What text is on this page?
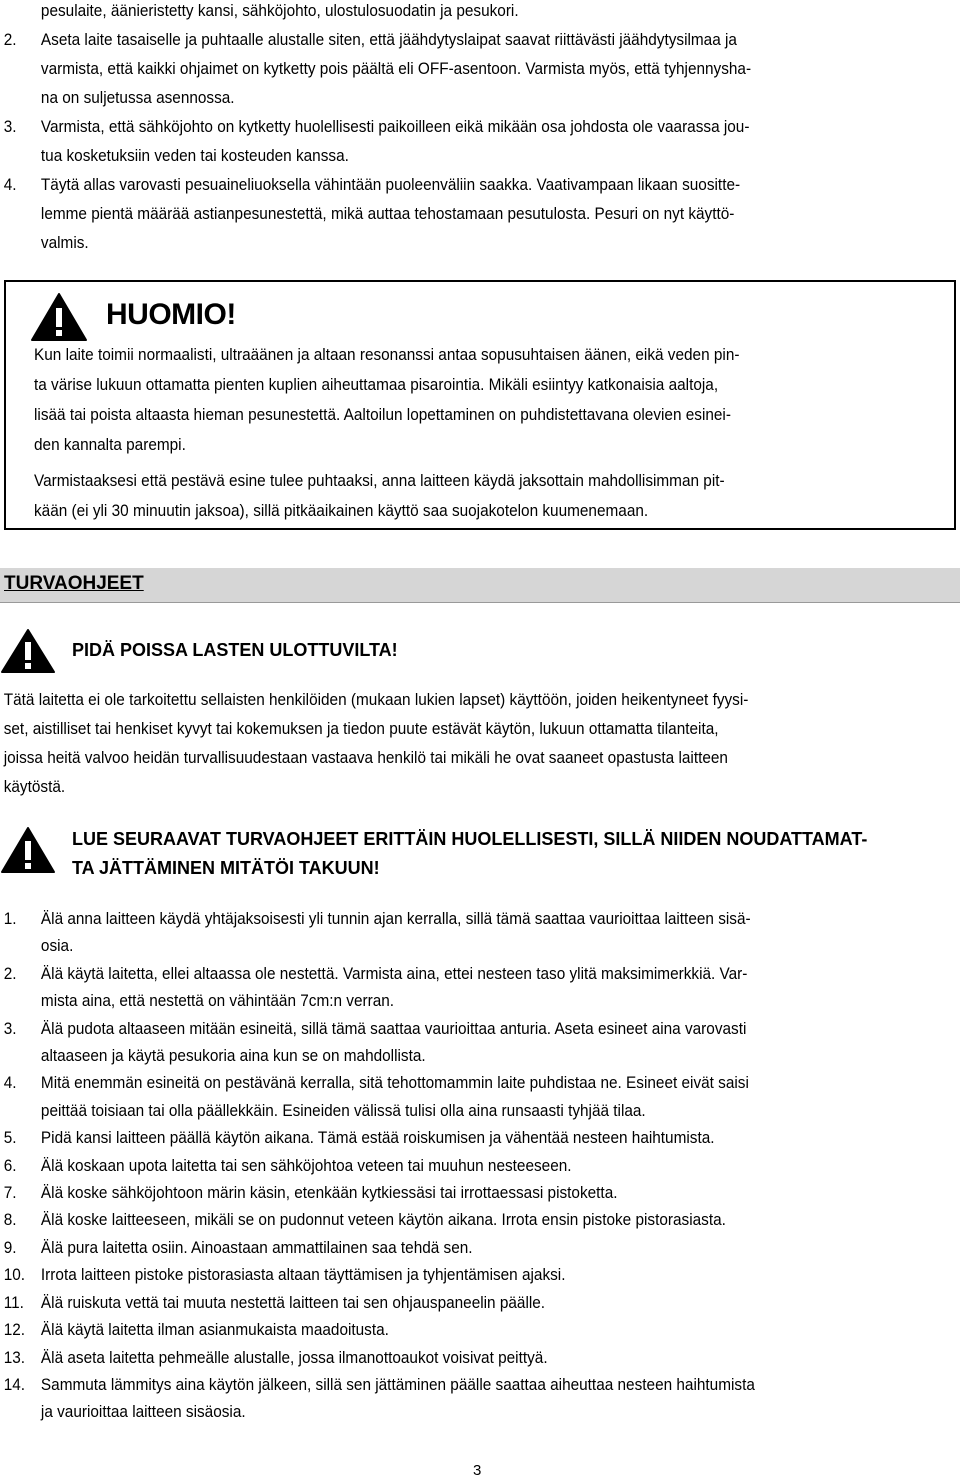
pesulaite, äänieristetty kansi, sähköjohto, ulostulosuodatin ja pesukori.
2.	Aseta laite tasaiselle ja puhtaalle alustalle siten, että jäähdytyslaipat saavat riittävästi jäähdytysilmaa ja
varmista, että kaikki ohjaimet on kytketty pois päältä eli OFF-asentoon. Varmista myös, että tyhjennysha-
na on suljetussa asennossa.
3.	Varmista, että sähköjohto on kytketty huolellisesti paikoilleen eikä mikään osa johdosta ole vaarassa jou-
tua kosketuksiin veden tai kosteuden kanssa.
4.	Täytä allas varovasti pesuaineliuoksella vähintään puoleenväliin saakka. Vaativampaan likaan suositte-
lemme pientä määrää astianpesunestettä, mikä auttaa tehostamaan pesutulosta. Pesuri on nyt käyttö-
valmis.
HUOMIO!
Kun laite toimii normaalisti, ultraäänen ja altaan resonanssi antaa sopusuhtaisen äänen, eikä veden pin-
ta värise lukuun ottamatta pienten kuplien aiheuttamaa pisarointia. Mikäli esiintyy katkonaisia aaltoja,
lisää tai poista altaasta hieman pesunestettä. Aaltoilun lopettaminen on puhdistettavana olevien esinei-
den kannalta parempi.
Varmistaaksesi että pestävä esine tulee puhtaaksi, anna laitteen käydä jaksottain mahdollisimman pit-
kään (ei yli 30 minuutin jaksoa), sillä pitkäaikainen käyttö saa suojakotelon kuumenemaan.
TURVAOHJEET
PIDÄ POISSA LASTEN ULOTTUVILTA!
Tätä laitetta ei ole tarkoitettu sellaisten henkilöiden (mukaan lukien lapset) käyttöön, joiden heikentyneet fyysi-
set, aistilliset tai henkiset kyvyt tai kokemuksen ja tiedon puute estävät käytön, lukuun ottamatta tilanteita,
joissa heitä valvoo heidän turvallisuudestaan vastaava henkilö tai mikäli he ovat saaneet opastusta laitteen
käytöstä.
LUE SEURAAVAT TURVAOHJEET ERITTÄIN HUOLELLISESTI, SILLÄ NIIDEN NOUDATTAMAT-
TA JÄTTÄMINEN MITÄTÖI TAKUUN!
1.	Älä anna laitteen käydä yhtäjaksoisesti yli tunnin ajan kerralla, sillä tämä saattaa vaurioittaa laitteen sisä-
osia.
2.	Älä käytä laitetta, ellei altaassa ole nestettä. Varmista aina, ettei nesteen taso ylitä maksimimerkkiä. Var-
mista aina, että nestettä on vähintään 7cm:n verran.
3.	Älä pudota altaaseen mitään esineitä, sillä tämä saattaa vaurioittaa anturia. Aseta esineet aina varovasti
altaaseen ja käytä pesukoria aina kun se on mahdollista.
4.	Mitä enemmän esineitä on pestävänä kerralla, sitä tehottomammin laite puhdistaa ne. Esineet eivät saisi
peittää toisiaan tai olla päällekkäin. Esineiden välissä tulisi olla aina runsaasti tyhjää tilaa.
5.	Pidä kansi laitteen päällä käytön aikana. Tämä estää roiskumisen ja vähentää nesteen haihtumista.
6.	Älä koskaan upota laitetta tai sen sähköjohtoa veteen tai muuhun nesteeseen.
7.	Älä koske sähköjohtoon märin käsin, etenkään kytkiessäsi tai irrottaessasi pistoketta.
8.	Älä koske laitteeseen, mikäli se on pudonnut veteen käytön aikana. Irrota ensin pistoke pistorasiasta.
9.	Älä pura laitetta osiin. Ainoastaan ammattilainen saa tehdä sen.
10. Irrota laitteen pistoke pistorasiasta altaan täyttämisen ja tyhjentämisen ajaksi.
11.	Älä ruiskuta vettä tai muuta nestettä laitteen tai sen ohjauspaneelin päälle.
12. Älä käytä laitetta ilman asianmukaista maadoitusta.
13. Älä aseta laitetta pehmeälle alustalle, jossa ilmanottoaukot voisivat peittyä.
14. Sammuta lämmitys aina käytön jälkeen, sillä sen jättäminen päälle saattaa aiheuttaa nesteen haihtumista
ja vaurioittaa laitteen sisäosia.
3
